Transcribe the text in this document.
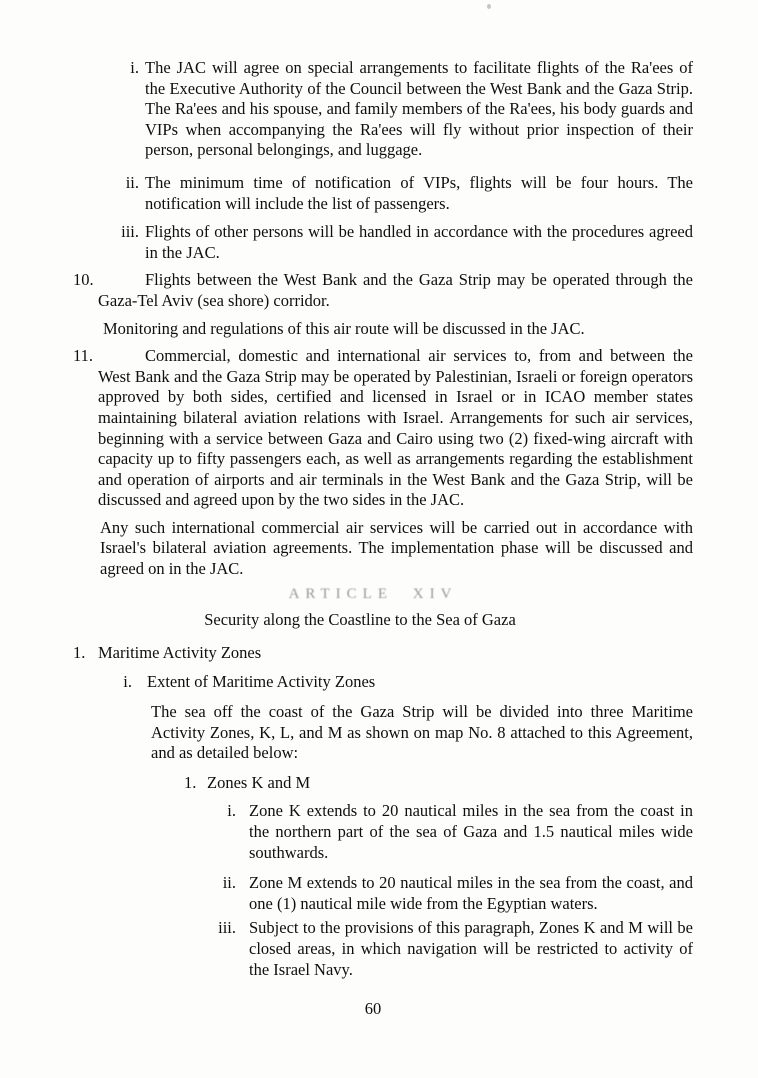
i. The JAC will agree on special arrangements to facilitate flights of the Ra'ees of the Executive Authority of the Council between the West Bank and the Gaza Strip. The Ra'ees and his spouse, and family members of the Ra'ees, his body guards and VIPs when accompanying the Ra'ees will fly without prior inspection of their person, personal belongings, and luggage.
ii. The minimum time of notification of VIPs, flights will be four hours. The notification will include the list of passengers.
iii. Flights of other persons will be handled in accordance with the procedures agreed in the JAC.
10.	Flights between the West Bank and the Gaza Strip may be operated through the Gaza-Tel Aviv (sea shore) corridor.
Monitoring and regulations of this air route will be discussed in the JAC.
11.	Commercial, domestic and international air services to, from and between the West Bank and the Gaza Strip may be operated by Palestinian, Israeli or foreign operators approved by both sides, certified and licensed in Israel or in ICAO member states maintaining bilateral aviation relations with Israel. Arrangements for such air services, beginning with a service between Gaza and Cairo using two (2) fixed-wing aircraft with capacity up to fifty passengers each, as well as arrangements regarding the establishment and operation of airports and air terminals in the West Bank and the Gaza Strip, will be discussed and agreed upon by the two sides in the JAC.
Any such international commercial air services will be carried out in accordance with Israel's bilateral aviation agreements. The implementation phase will be discussed and agreed on in the JAC.
ARTICLE XIV
Security along the Coastline to the Sea of Gaza
1. Maritime Activity Zones
i. Extent of Maritime Activity Zones
The sea off the coast of the Gaza Strip will be divided into three Maritime Activity Zones, K, L, and M as shown on map No. 8 attached to this Agreement, and as detailed below:
1. Zones K and M
i. Zone K extends to 20 nautical miles in the sea from the coast in the northern part of the sea of Gaza and 1.5 nautical miles wide southwards.
ii. Zone M extends to 20 nautical miles in the sea from the coast, and one (1) nautical mile wide from the Egyptian waters.
iii. Subject to the provisions of this paragraph, Zones K and M will be closed areas, in which navigation will be restricted to activity of the Israel Navy.
60
